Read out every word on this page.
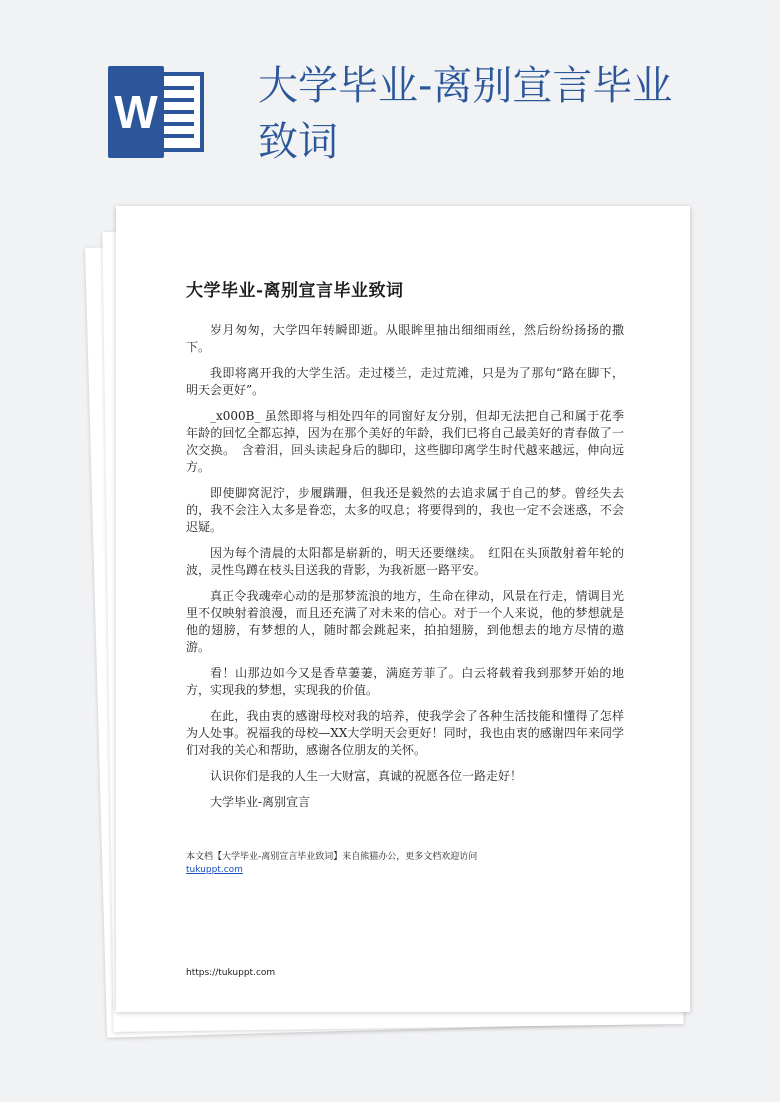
W	大学毕业-离别宣言毕业致词
大学毕业-离别宣言毕业致词

岁月匆匆，大学四年转瞬即逝。从眼眸里抽出细细雨丝，然后纷纷扬扬的撒下。

我即将离开我的大学生活。走过楼兰，走过荒滩，只是为了那句“路在脚下，明天会更好”。

_x000B_ 虽然即将与相处四年的同窗好友分别，但却无法把自己和属于花季年龄的回忆全都忘掉，因为在那个美好的年龄，我们已将自己最美好的青春做了一次交换。　含着泪，回头读起身后的脚印，这些脚印离学生时代越来越远，伸向远方。

即使脚窝泥泞，步履蹒跚，但我还是毅然的去追求属于自己的梦。曾经失去的，我不会注入太多是眷恋，太多的叹息；将要得到的，我也一定不会迷惑，不会迟疑。

因为每个清晨的太阳都是崭新的，明天还要继续。　红阳在头顶散射着年轮的波，灵性鸟蹲在枝头目送我的背影，为我祈愿一路平安。

真正令我魂牵心动的是那梦流浪的地方，生命在律动，风景在行走，情调目光里不仅映射着浪漫，而且还充满了对未来的信心。对于一个人来说，他的梦想就是他的翅膀，有梦想的人，随时都会跳起来，拍拍翅膀，到他想去的地方尽情的遨游。

看！山那边如今又是香草萋萋，满庭芳菲了。白云将载着我到那梦开始的地方，实现我的梦想，实现我的价值。

在此，我由衷的感谢母校对我的培养，使我学会了各种生活技能和懂得了怎样为人处事。祝福我的母校—XX大学明天会更好！同时，我也由衷的感谢四年来同学们对我的关心和帮助，感谢各位朋友的关怀。

认识你们是我的人生一大财富，真诚的祝愿各位一路走好！

大学毕业-离别宣言

本文档【大学毕业-离别宣言毕业致词】来自熊猫办公，更多文档欢迎访问
tukuppt.com
https://tukuppt.com
